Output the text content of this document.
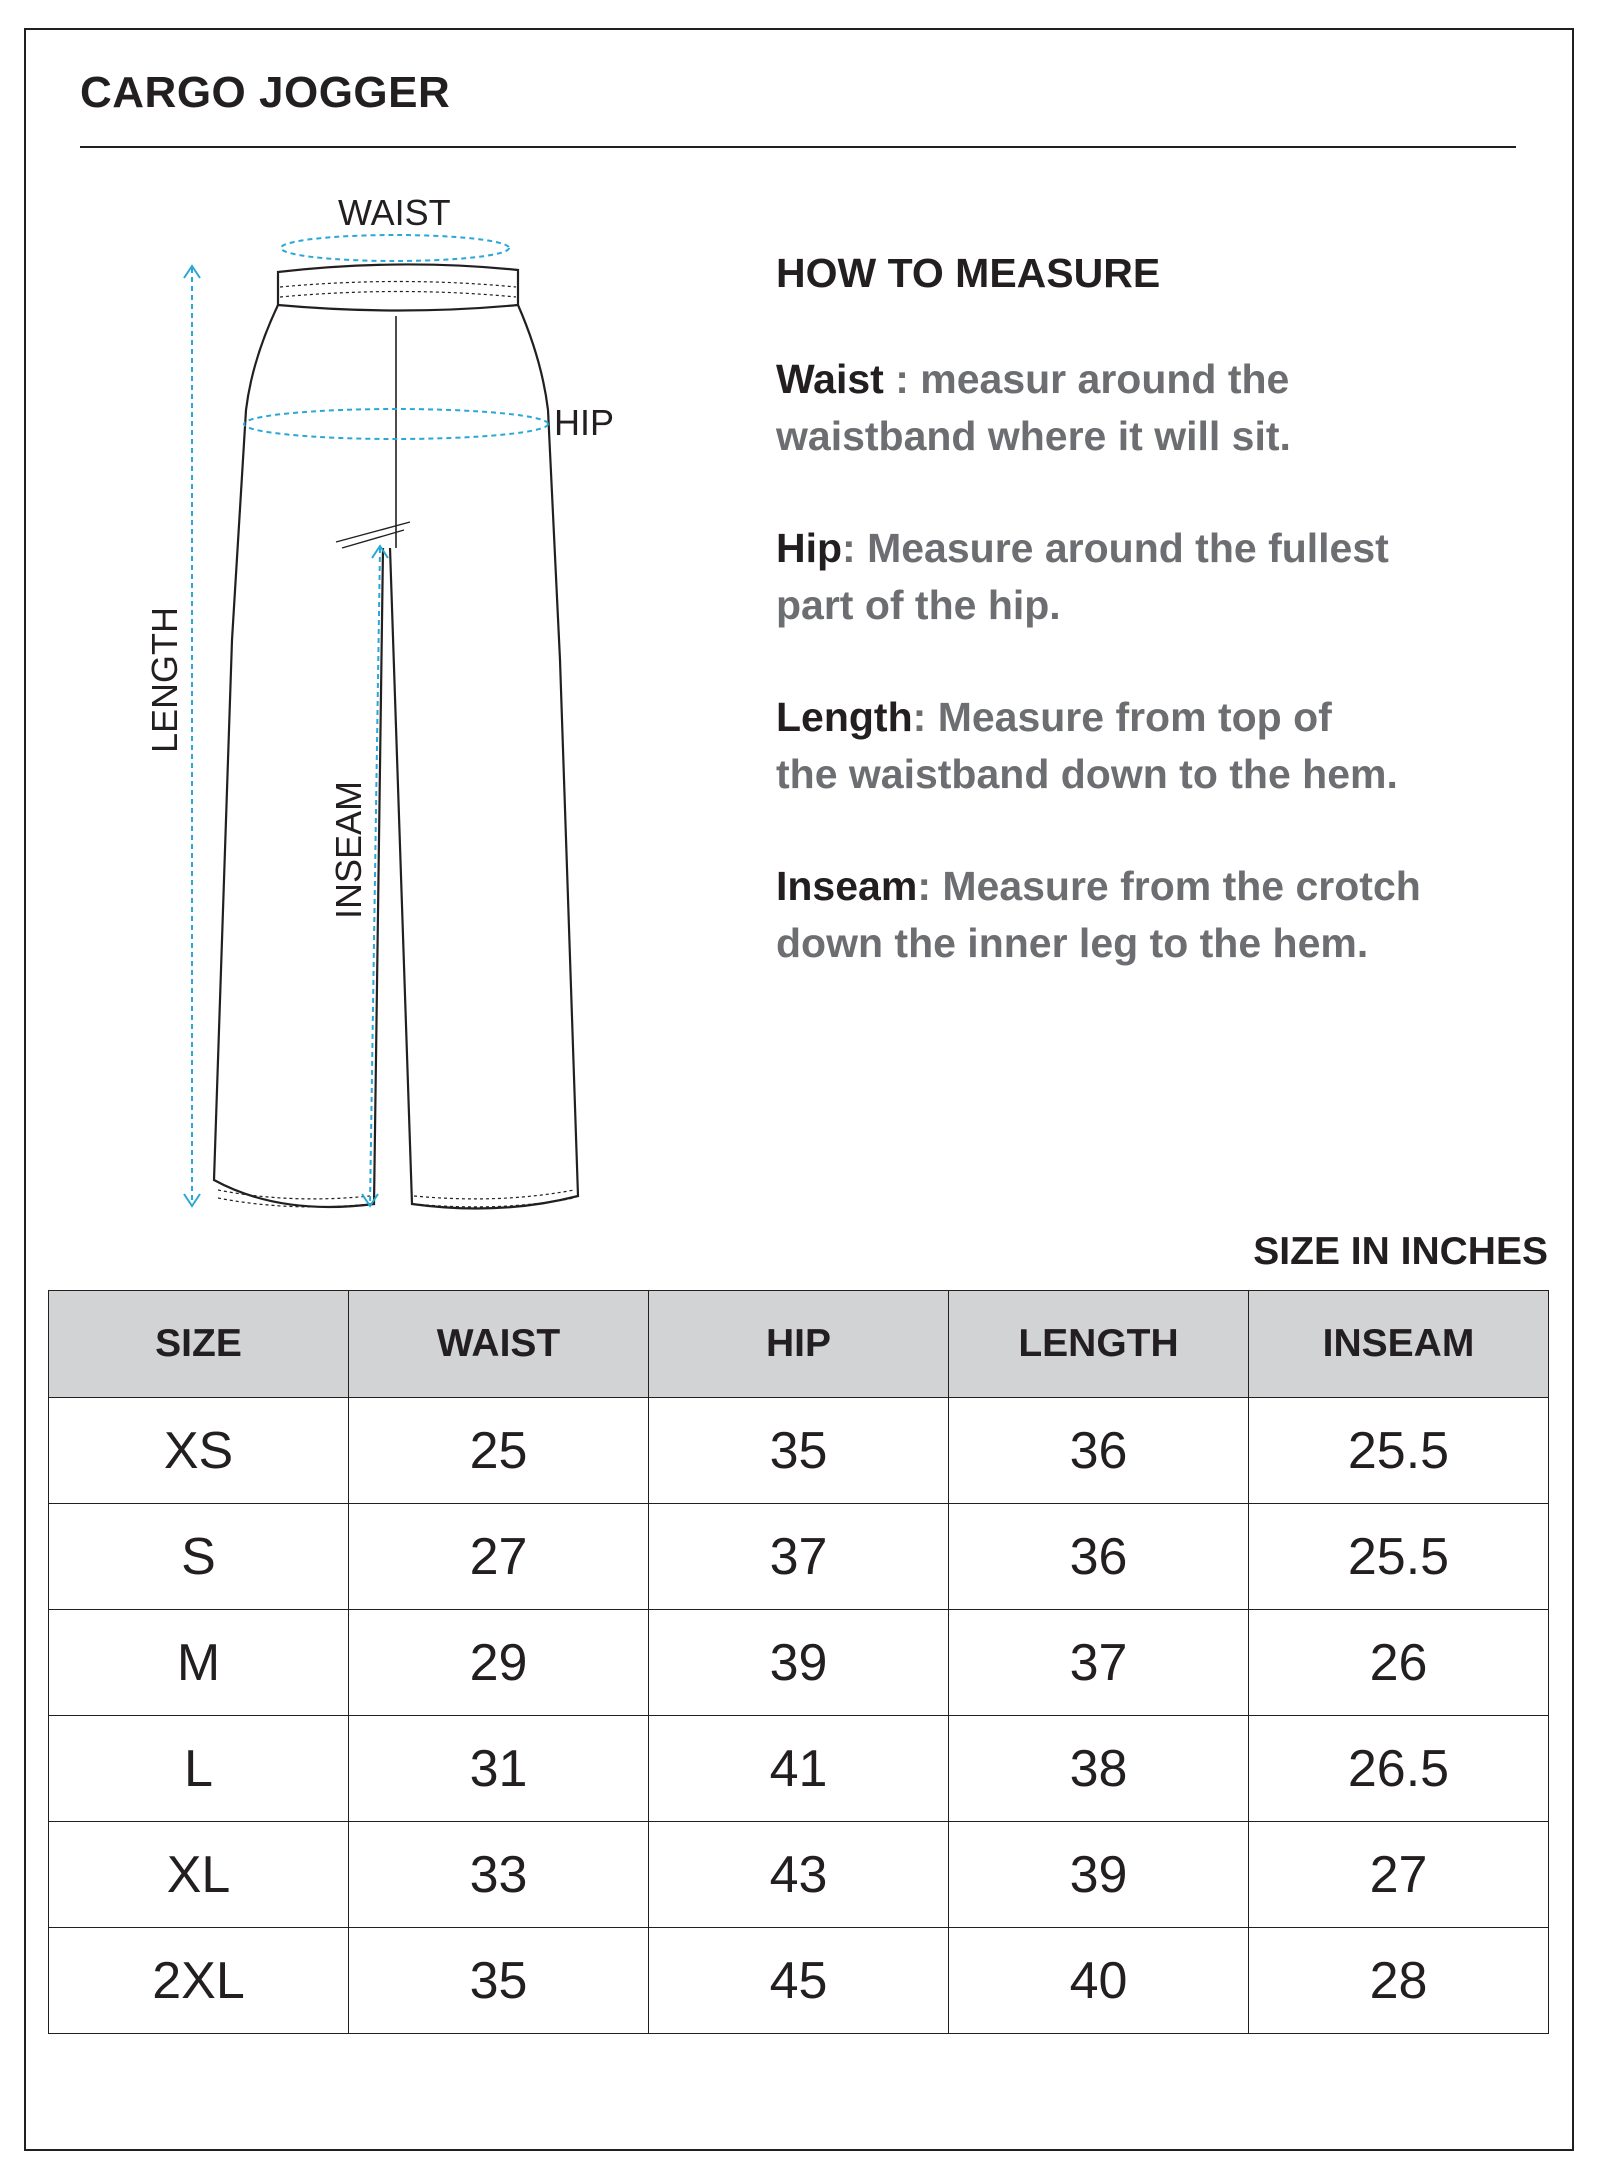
CARGO JOGGER
WAIST
HIP
LENGTH
INSEAM

HOW TO MEASURE

Waist : measur around the
waistband where it will sit.

Hip: Measure around the fullest
part of the hip.

Length: Measure from top of
the waistband down to the hem.

Inseam: Measure from the crotch
down the inner leg to the hem.

SIZE IN INCHES
SIZE	WAIST	HIP	LENGTH	INSEAM
XS	25	35	36	25.5
S	27	37	36	25.5
M	29	39	37	26
L	31	41	38	26.5
XL	33	43	39	27
2XL	35	45	40	28
